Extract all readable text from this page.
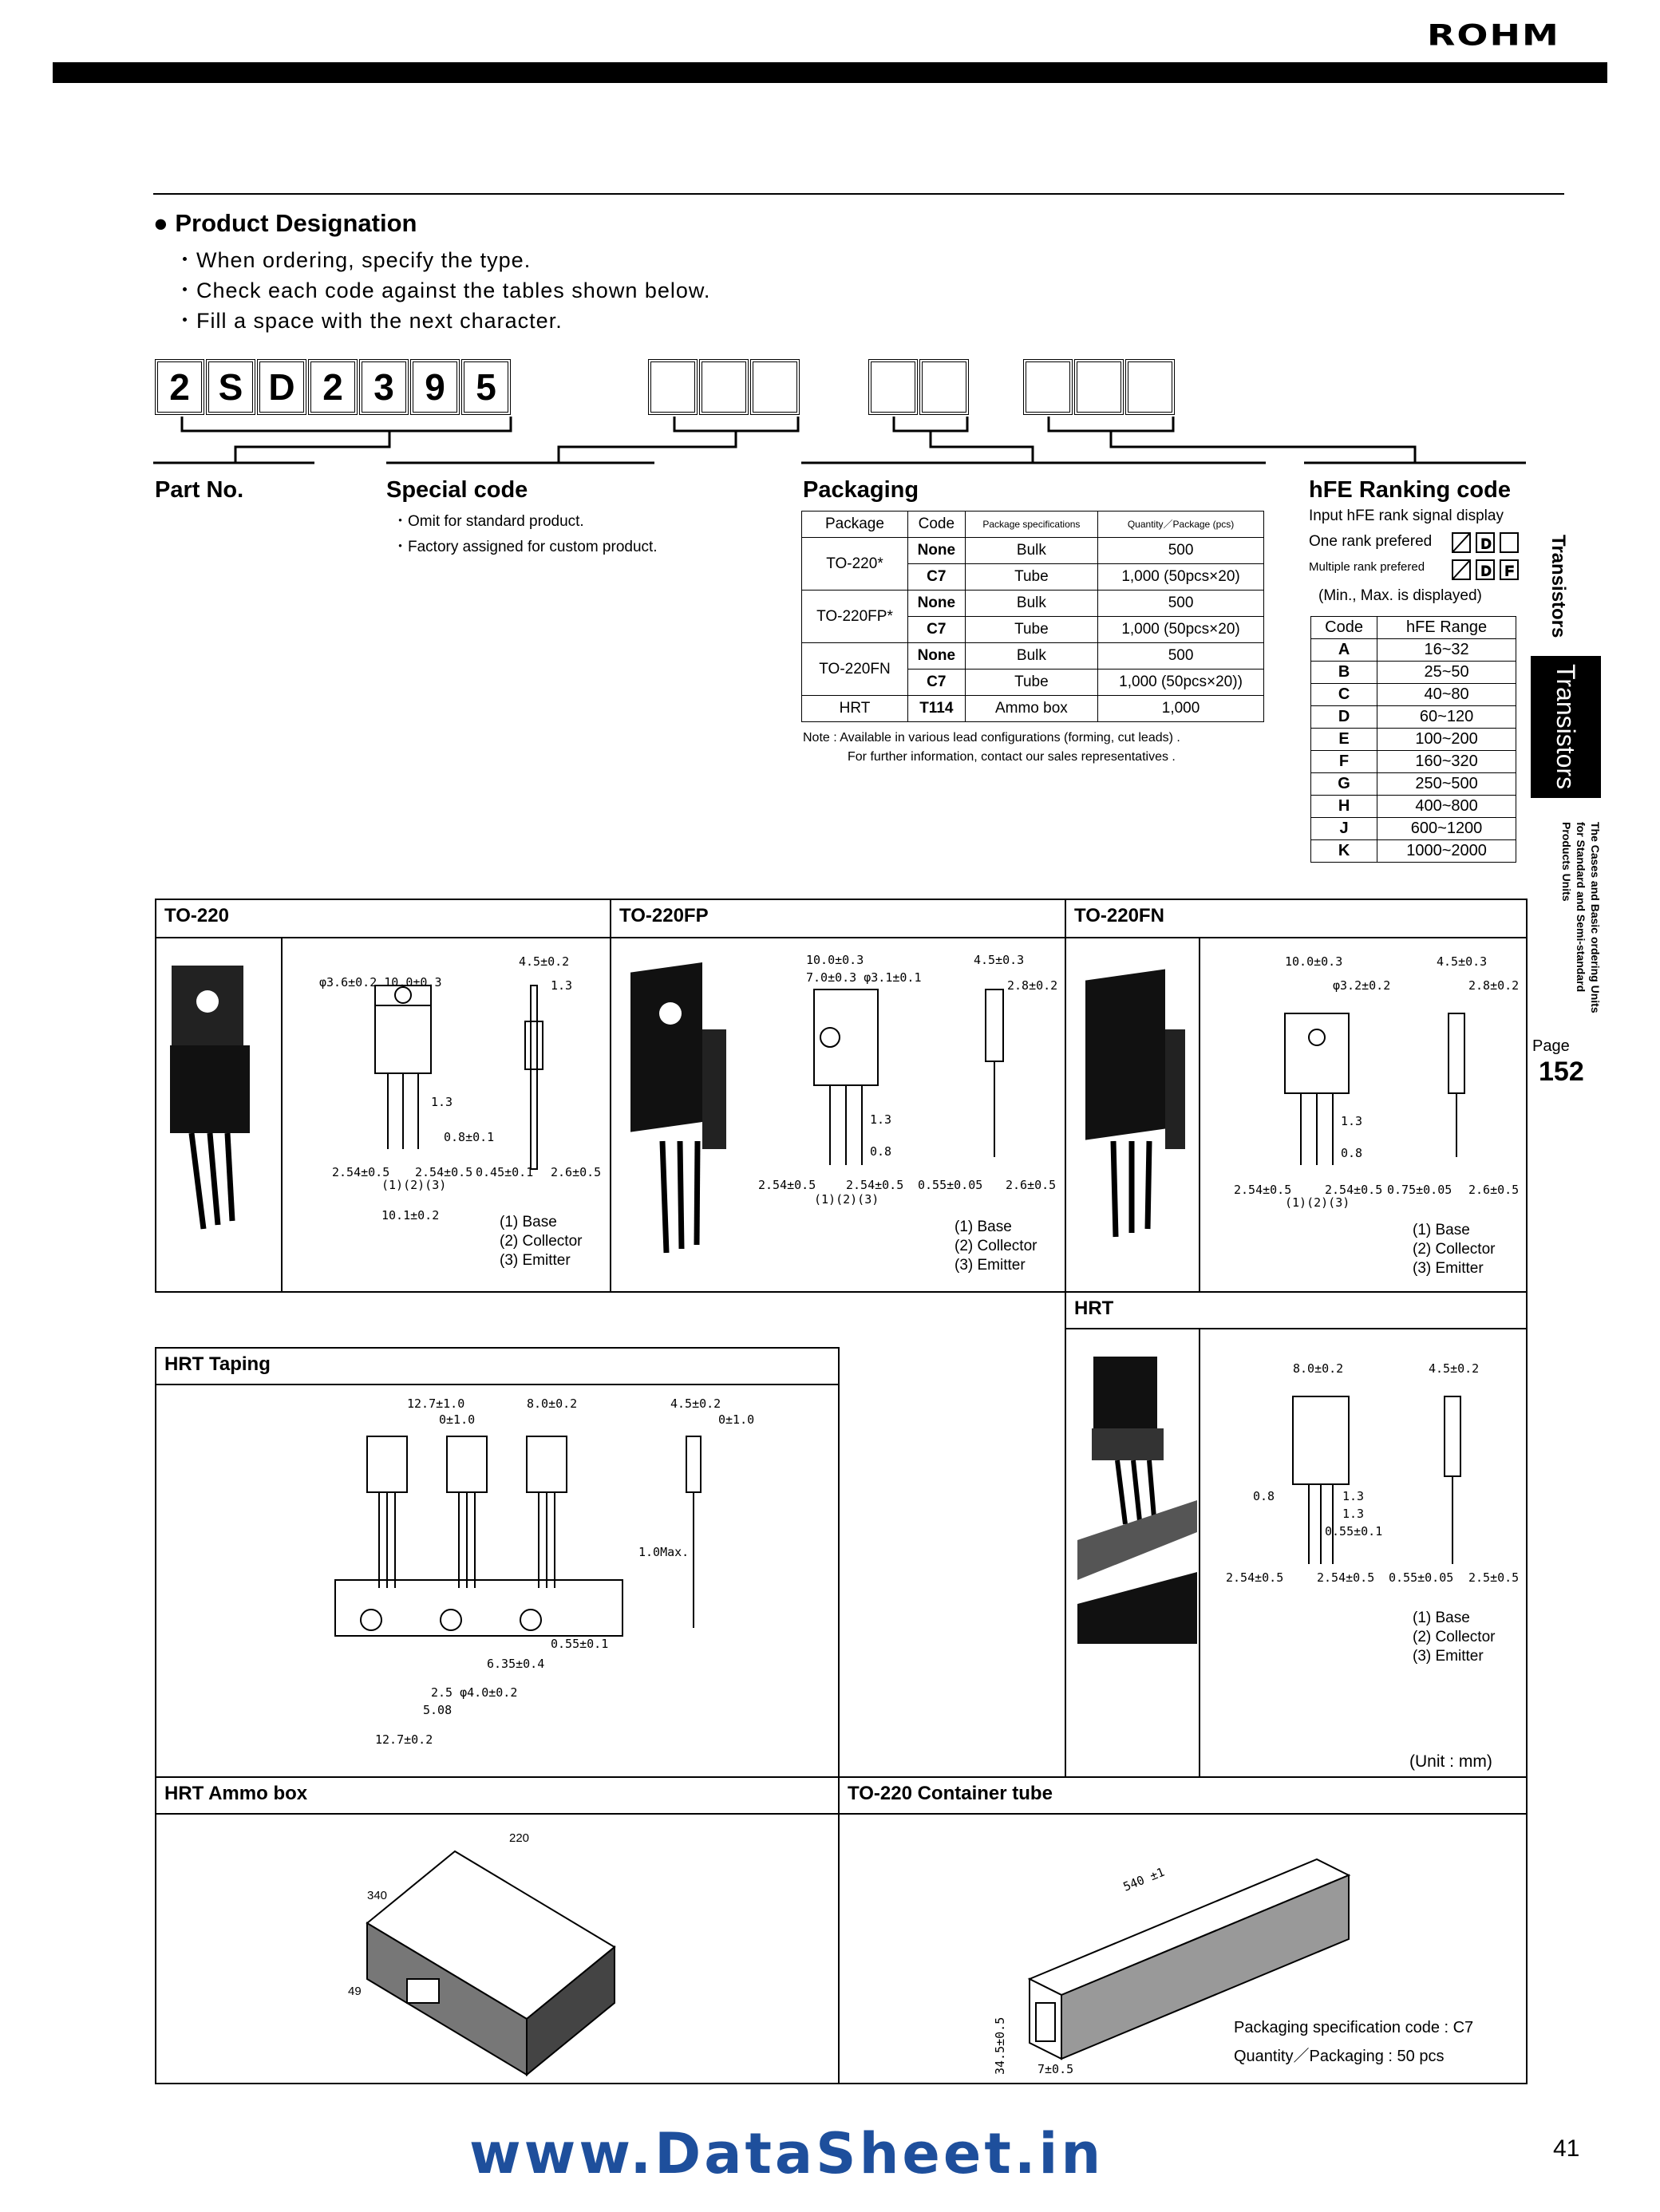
ROHM
● Product Designation
・When ordering, specify the type.
・Check each code against the tables shown below.
・Fill a space with the next character.
2 S D 2 3 9 5
Part No.	Special code
・Omit for standard product.
・Factory assigned for custom product.
Packaging
Package	Code	Package specifications	Quantity／Package (pcs)
TO-220*	None	Bulk	500
	C7	Tube	1,000 (50pcs×20)
TO-220FP*	None	Bulk	500
	C7	Tube	1,000 (50pcs×20)
TO-220FN	None	Bulk	500
	C7	Tube	1,000 (50pcs×20))
HRT	T114	Ammo box	1,000
Note : Available in various lead configurations (forming, cut leads) .
For further information, contact our sales representatives .
hFE Ranking code
Input hFE rank signal display
One rank prefered
Multiple rank prefered
(Min., Max. is displayed)
D
D F
Code	hFE Range
A	16~32
B	25~50
C	40~80
D	60~120
E	100~200
F	160~320
G	250~500
H	400~800
J	600~1200
K	1000~2000
Transistors
Transistors
The Cases and Basic ordering Units for Standard and Semi-standard Products Units
Page
152
TO-220	TO-220FP	TO-220FN
HRT
HRT Taping
HRT Ammo box	TO-220 Container tube
φ3.6±0.2 10.0±0.3
4.5±0.2
1.3
1.3
0.8±0.1
2.54±0.5 2.54±0.5 0.45±0.1 2.6±0.5
(1)(2)(3)
10.1±0.2	(1) Base
(2) Collector
(3) Emitter
10.0±0.3	4.5±0.3
7.0±0.3 φ3.1±0.1
2.8±0.2
1.3
0.8
2.54±0.5	2.54±0.5 0.55±0.05 2.6±0.5
(1)(2)(3)
(1) Base
(2) Collector
(3) Emitter
10.0±0.3	4.5±0.3
φ3.2±0.2	2.8±0.2
1.3
0.8
2.54±0.5	2.54±0.5 0.75±0.05 2.6±0.5
(1)(2)(3)
(1) Base
(2) Collector
(3) Emitter
8.0±0.2	4.5±0.2
0.8	1.3
1.3
0.55±0.1
2.54±0.5	2.54±0.5 0.55±0.05 2.5±0.5
(1) Base
(2) Collector
(3) Emitter
12.7±1.0	8.0±0.2	4.5±0.2
0±1.0	0±1.0
1.0Max.
6.35±0.4
0.55±0.1
2.5 φ4.0±0.2
5.08
12.7±0.2
220
340
49
540 ±1
34.5±0.5	7±0.5
Packaging specification code : C7
Quantity／Packaging : 50 pcs
(Unit : mm)
www.DataSheet.in	41
